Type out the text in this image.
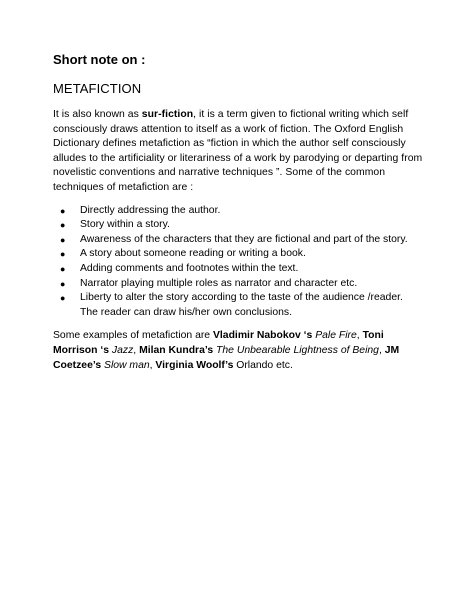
Short note on :

METAFICTION

It is also known as sur-fiction, it is a term given to fictional writing which self consciously draws attention to itself as a work of fiction. The Oxford English Dictionary defines metafiction as “fiction in which the author self consciously alludes to the artificiality or literariness of a work by parodying or departing from novelistic conventions and narrative techniques ”. Some of the common techniques of metafiction are :

● Directly addressing the author.
● Story within a story.
● Awareness of the characters that they are fictional and part of the story.
● A story about someone reading or writing a book.
● Adding comments and footnotes within the text.
● Narrator playing multiple roles as narrator and character etc.
● Liberty to alter the story according to the taste of the audience /reader.
The reader can draw his/her own conclusions.

Some examples of metafiction are Vladimir Nabokov ‘s Pale Fire, Toni Morrison ‘s Jazz, Milan Kundra’s The Unbearable Lightness of Being, JM Coetzee’s Slow man, Virginia Woolf’s Orlando etc.
